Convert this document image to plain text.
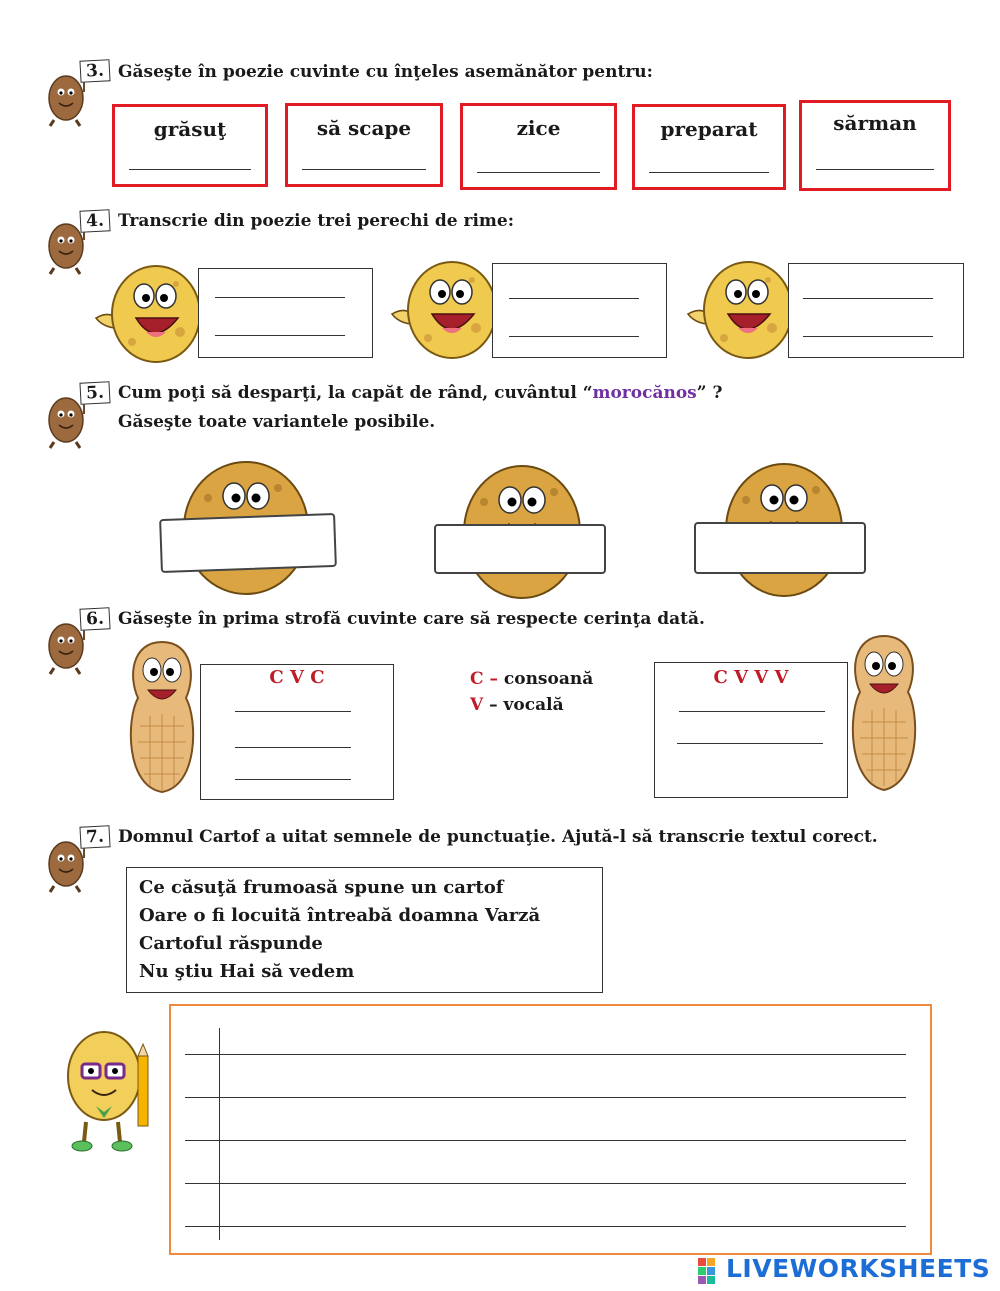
3. Găseşte în poezie cuvinte cu înţeles asemănător pentru:
grăsuţ	să scape	zice	preparat	sărman
4. Transcrie din poezie trei perechi de rime:
5. Cum poţi să desparţi, la capăt de rând, cuvântul “morocănos” ?
Găseşte toate variantele posibile.
6. Găseşte în prima strofă cuvinte care să respecte cerinţa dată.
C V C	C – consoană
V – vocală
C V V V
7. Domnul Cartof a uitat semnele de punctuaţie. Ajută-l să transcrie textul corect.
Ce căsuţă frumoasă spune un cartof
Oare o fi locuită întreabă doamna Varză
Cartoful răspunde
Nu ştiu Hai să vedem
LIVEWORKSHEETS
